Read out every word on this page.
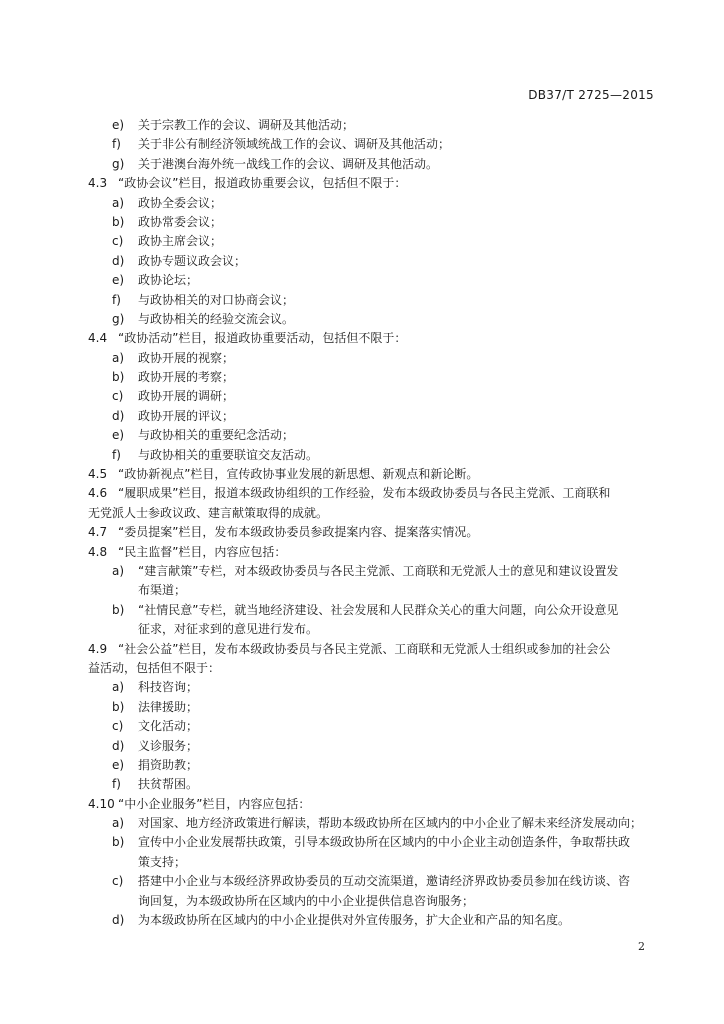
DB37/T 2725—2015
e) 关于宗教工作的会议、调研及其他活动；
f) 关于非公有制经济领域统战工作的会议、调研及其他活动；
g) 关于港澳台海外统一战线工作的会议、调研及其他活动。
4.3 “政协会议”栏目，报道政协重要会议，包括但不限于：
a) 政协全委会议；
b) 政协常委会议；
c) 政协主席会议；
d) 政协专题议政会议；
e) 政协论坛；
f) 与政协相关的对口协商会议；
g) 与政协相关的经验交流会议。
4.4 “政协活动”栏目，报道政协重要活动，包括但不限于：
a) 政协开展的视察；
b) 政协开展的考察；
c) 政协开展的调研；
d) 政协开展的评议；
e) 与政协相关的重要纪念活动；
f) 与政协相关的重要联谊交友活动。
4.5 “政协新视点”栏目，宣传政协事业发展的新思想、新观点和新论断。
4.6 “履职成果”栏目，报道本级政协组织的工作经验，发布本级政协委员与各民主党派、工商联和
无党派人士参政议政、建言献策取得的成就。
4.7 “委员提案”栏目，发布本级政协委员参政提案内容、提案落实情况。
4.8 “民主监督”栏目，内容应包括：
a) “建言献策”专栏，对本级政协委员与各民主党派、工商联和无党派人士的意见和建议设置发
布渠道；
b) “社情民意”专栏，就当地经济建设、社会发展和人民群众关心的重大问题，向公众开设意见
征求，对征求到的意见进行发布。
4.9 “社会公益”栏目，发布本级政协委员与各民主党派、工商联和无党派人士组织或参加的社会公
益活动，包括但不限于：
a) 科技咨询；
b) 法律援助；
c) 文化活动；
d) 义诊服务；
e) 捐资助教；
f) 扶贫帮困。
4.10 “中小企业服务”栏目，内容应包括：
a) 对国家、地方经济政策进行解读，帮助本级政协所在区域内的中小企业了解未来经济发展动向；
b) 宣传中小企业发展帮扶政策，引导本级政协所在区域内的中小企业主动创造条件，争取帮扶政
策支持；
c) 搭建中小企业与本级经济界政协委员的互动交流渠道，邀请经济界政协委员参加在线访谈、咨
询回复，为本级政协所在区域内的中小企业提供信息咨询服务；
d) 为本级政协所在区域内的中小企业提供对外宣传服务，扩大企业和产品的知名度。
2
